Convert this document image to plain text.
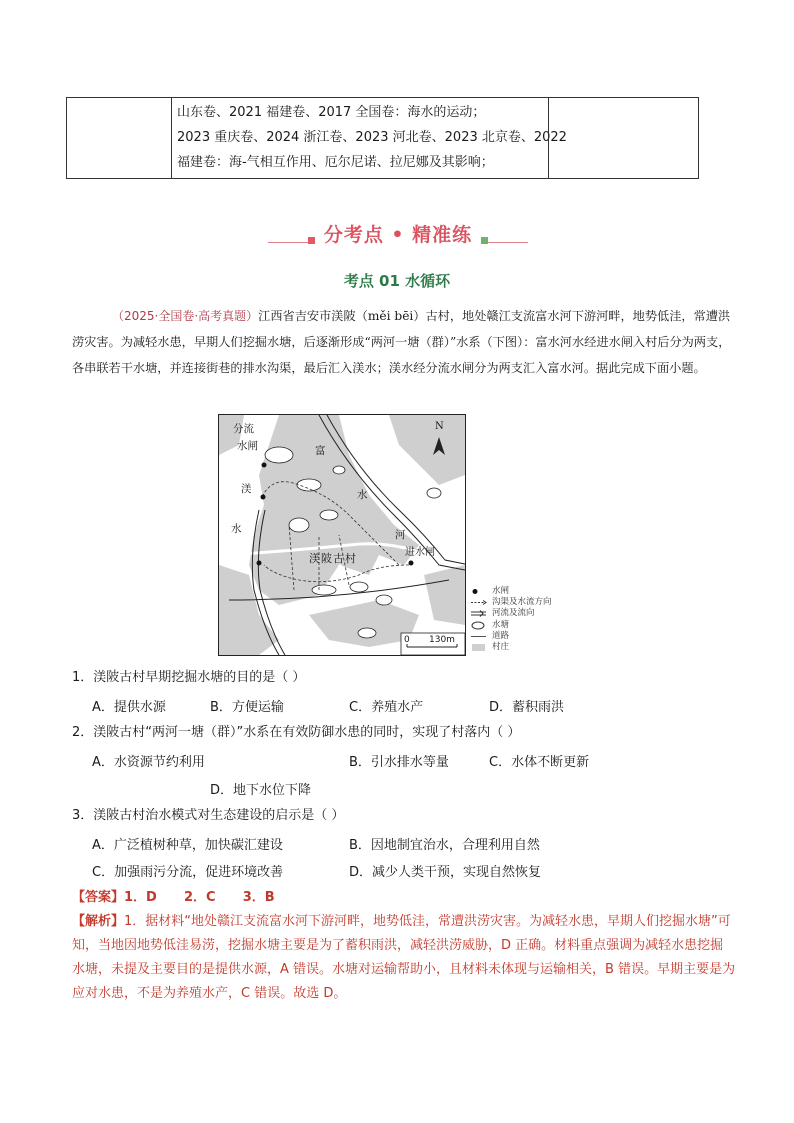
山东卷、2021 福建卷、2017 全国卷：海水的运动；
2023 重庆卷、2024 浙江卷、2023 河北卷、2023 北京卷、2022
福建卷：海-气相互作用、厄尔尼诺、拉尼娜及其影响；
分考点 • 精准练
考点 01 水循环
（2025·全国卷·高考真题）江西省吉安市渼陂（měi bēi）古村，地处赣江支流富水河下游河畔，地势低洼，常遭洪涝灾害。为减轻水患，早期人们挖掘水塘，后逐渐形成“两河一塘（群）”水系（下图）：富水河水经进水闸入村后分为两支，各串联若干水塘，并连接街巷的排水沟渠，最后汇入渼水；渼水经分流水闸分为两支汇入富水河。据此完成下面小题。
分流
水闸
渼
水
富
水
河
渼陂古村	进水闸
N
0 130m
水闸
沟渠及水流方向
河流及流向
水塘
道路
村庄
1．渼陂古村早期挖掘水塘的目的是（ ）
A．提供水源	B．方便运输	C．养殖水产	D．蓄积雨洪
2．渼陂古村“两河一塘（群）”水系在有效防御水患的同时，实现了村落内（ ）
A．水资源节约利用	B．引水排水等量	C．水体不断更新
D．地下水位下降
3．渼陂古村治水模式对生态建设的启示是（ ）
A．广泛植树种草，加快碳汇建设	B．因地制宜治水，合理利用自然
C．加强雨污分流，促进环境改善	D．减少人类干预，实现自然恢复
【答案】1．D      2．C      3．B
【解析】1．据材料“地处赣江支流富水河下游河畔，地势低洼，常遭洪涝灾害。为减轻水患，早期人们挖掘水塘”可知，当地因地势低洼易涝，挖掘水塘主要是为了蓄积雨洪，减轻洪涝威胁，D 正确。材料重点强调为减轻水患挖掘水塘，未提及主要目的是提供水源，A 错误。水塘对运输帮助小，且材料未体现与运输相关，B 错误。早期主要是为应对水患，不是为养殖水产，C 错误。故选 D。
